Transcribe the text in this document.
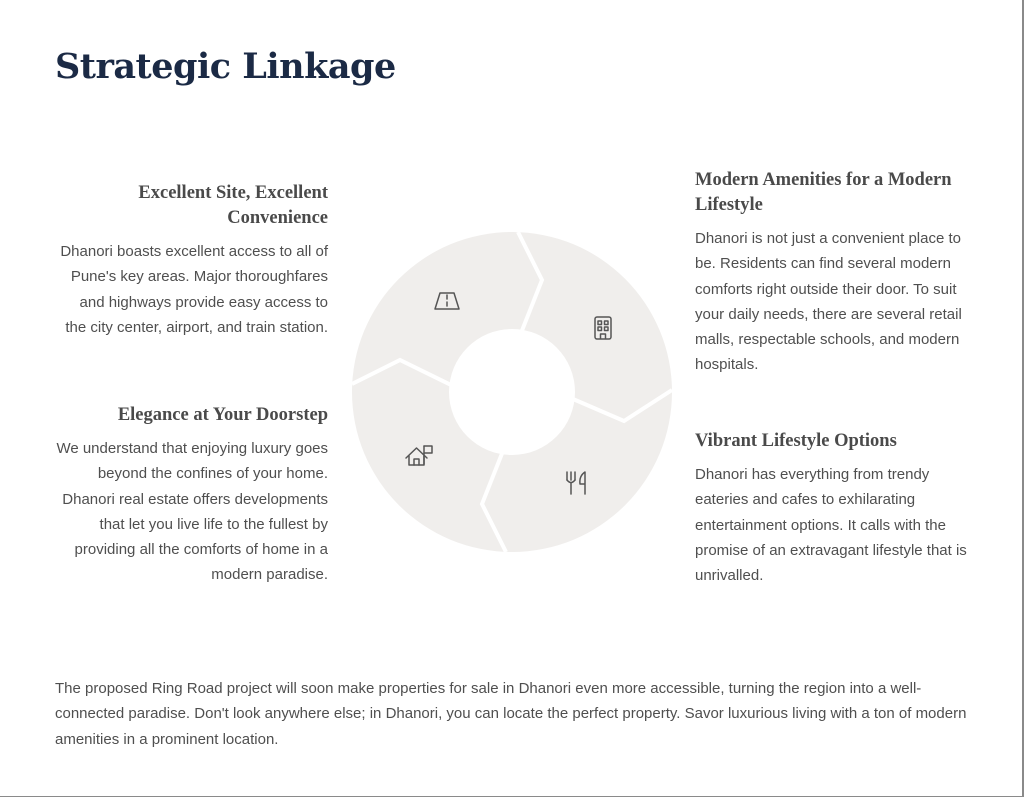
Strategic Linkage
Excellent Site, Excellent Convenience

Dhanori boasts excellent access to all of Pune's key areas. Major thoroughfares and highways provide easy access to the city center, airport, and train station.

Elegance at Your Doorstep

We understand that enjoying luxury goes beyond the confines of your home. Dhanori real estate offers developments that let you live life to the fullest by providing all the comforts of home in a modern paradise.

Modern Amenities for a Modern Lifestyle

Dhanori is not just a convenient place to be. Residents can find several modern comforts right outside their door. To suit your daily needs, there are several retail malls, respectable schools, and modern hospitals.

Vibrant Lifestyle Options

Dhanori has everything from trendy eateries and cafes to exhilarating entertainment options. It calls with the promise of an extravagant lifestyle that is unrivalled.

The proposed Ring Road project will soon make properties for sale in Dhanori even more accessible, turning the region into a well-connected paradise. Don't look anywhere else; in Dhanori, you can locate the perfect property. Savor luxurious living with a ton of modern amenities in a prominent location.
